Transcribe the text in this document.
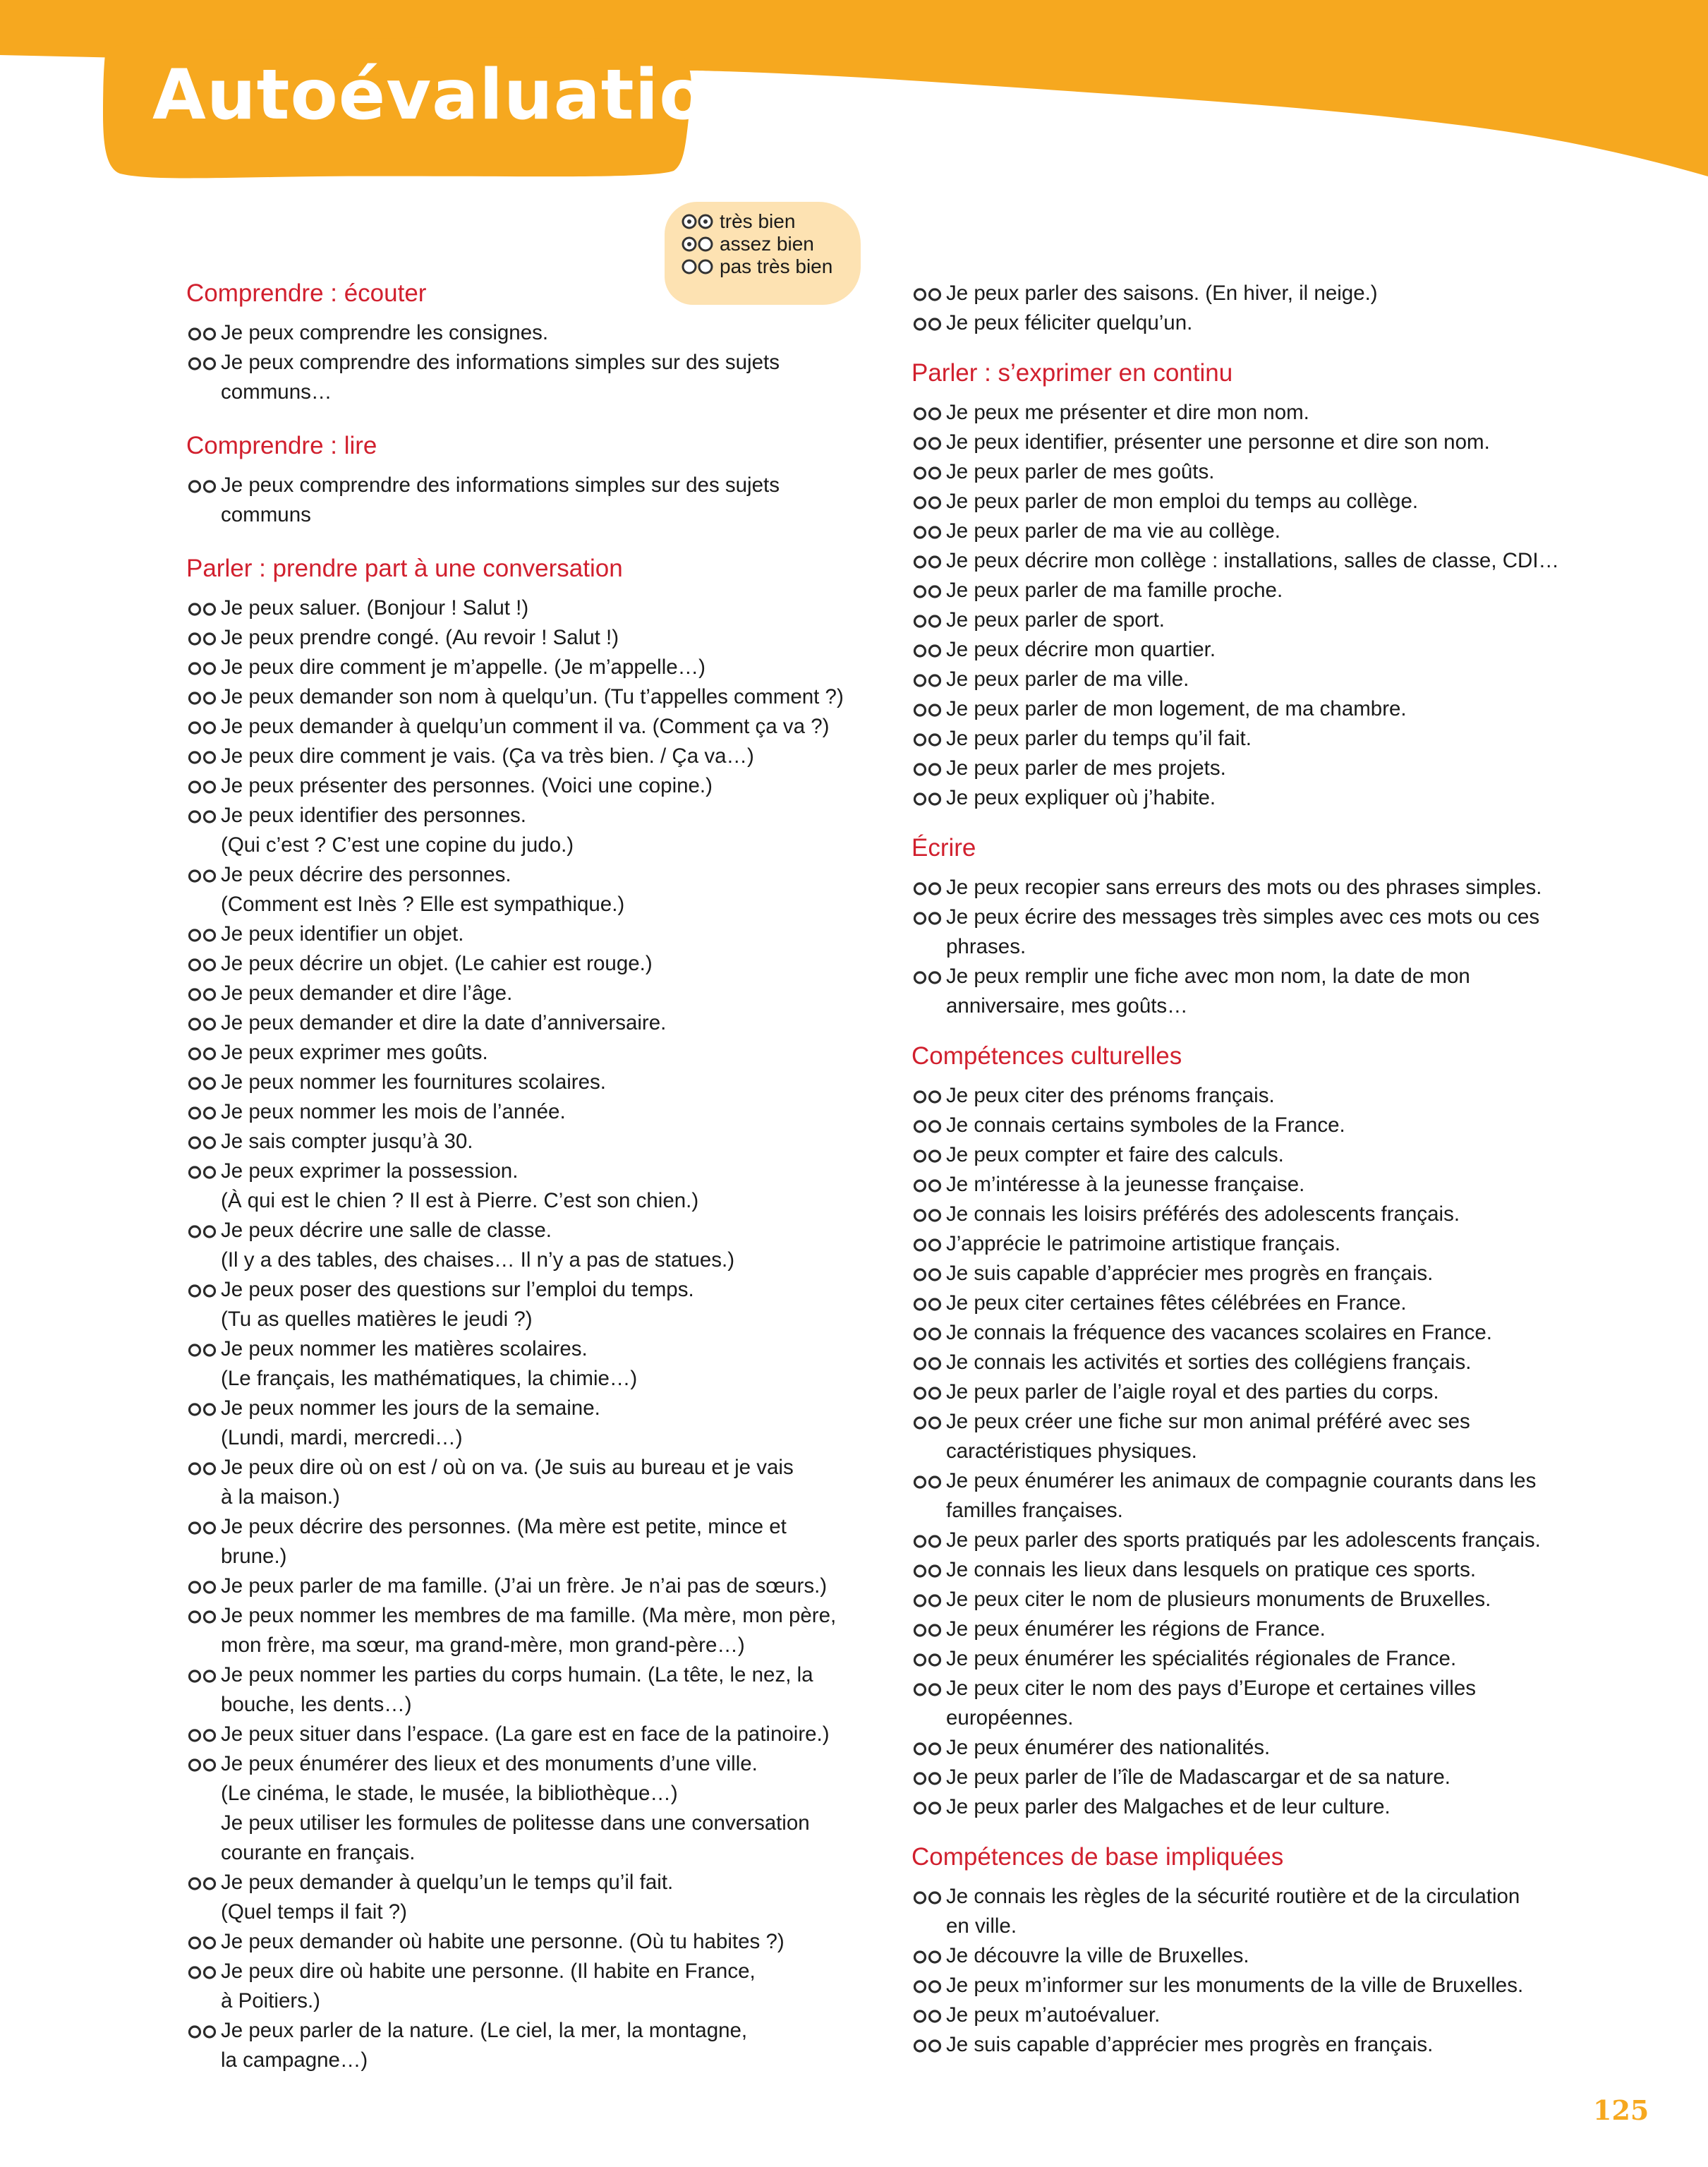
Autoévaluation
très bien
assez bien
pas très bien
Comprendre : écouter
Je peux comprendre les consignes.
Je peux comprendre des informations simples sur des sujets
communs…
Comprendre : lire
Je peux comprendre des informations simples sur des sujets
communs
Parler : prendre part à une conversation
Je peux saluer. (Bonjour ! Salut !)
Je peux prendre congé. (Au revoir ! Salut !)
Je peux dire comment je m’appelle. (Je m’appelle…)
Je peux demander son nom à quelqu’un. (Tu t’appelles comment ?)
Je peux demander à quelqu’un comment il va. (Comment ça va ?)
Je peux dire comment je vais. (Ça va très bien. / Ça va…)
Je peux présenter des personnes. (Voici une copine.)
Je peux identifier des personnes.
(Qui c’est ? C’est une copine du judo.)
Je peux décrire des personnes.
(Comment est Inès ? Elle est sympathique.)
Je peux identifier un objet.
Je peux décrire un objet. (Le cahier est rouge.)
Je peux demander et dire l’âge.
Je peux demander et dire la date d’anniversaire.
Je peux exprimer mes goûts.
Je peux nommer les fournitures scolaires.
Je peux nommer les mois de l’année.
Je sais compter jusqu’à 30.
Je peux exprimer la possession.
(À qui est le chien ? Il est à Pierre. C’est son chien.)
Je peux décrire une salle de classe.
(Il y a des tables, des chaises… Il n’y a pas de statues.)
Je peux poser des questions sur l’emploi du temps.
(Tu as quelles matières le jeudi ?)
Je peux nommer les matières scolaires.
(Le français, les mathématiques, la chimie…)
Je peux nommer les jours de la semaine.
(Lundi, mardi, mercredi…)
Je peux dire où on est / où on va. (Je suis au bureau et je vais
à la maison.)
Je peux décrire des personnes. (Ma mère est petite, mince et
brune.)
Je peux parler de ma famille. (J’ai un frère. Je n’ai pas de sœurs.)
Je peux nommer les membres de ma famille. (Ma mère, mon père,
mon frère, ma sœur, ma grand-mère, mon grand-père…)
Je peux nommer les parties du corps humain. (La tête, le nez, la
bouche, les dents…)
Je peux situer dans l’espace. (La gare est en face de la patinoire.)
Je peux énumérer des lieux et des monuments d’une ville.
(Le cinéma, le stade, le musée, la bibliothèque…)
Je peux utiliser les formules de politesse dans une conversation
courante en français.
Je peux demander à quelqu’un le temps qu’il fait.
(Quel temps il fait ?)
Je peux demander où habite une personne. (Où tu habites ?)
Je peux dire où habite une personne. (Il habite en France,
à Poitiers.)
Je peux parler de la nature. (Le ciel, la mer, la montagne,
la campagne…)
Je peux parler des saisons. (En hiver, il neige.)
Je peux féliciter quelqu’un.
Parler : s’exprimer en continu
Je peux me présenter et dire mon nom.
Je peux identifier, présenter une personne et dire son nom.
Je peux parler de mes goûts.
Je peux parler de mon emploi du temps au collège.
Je peux parler de ma vie au collège.
Je peux décrire mon collège : installations, salles de classe, CDI…
Je peux parler de ma famille proche.
Je peux parler de sport.
Je peux décrire mon quartier.
Je peux parler de ma ville.
Je peux parler de mon logement, de ma chambre.
Je peux parler du temps qu’il fait.
Je peux parler de mes projets.
Je peux expliquer où j’habite.
Écrire
Je peux recopier sans erreurs des mots ou des phrases simples.
Je peux écrire des messages très simples avec ces mots ou ces
phrases.
Je peux remplir une fiche avec mon nom, la date de mon
anniversaire, mes goûts…
Compétences culturelles
Je peux citer des prénoms français.
Je connais certains symboles de la France.
Je peux compter et faire des calculs.
Je m’intéresse à la jeunesse française.
Je connais les loisirs préférés des adolescents français.
J’apprécie le patrimoine artistique français.
Je suis capable d’apprécier mes progrès en français.
Je peux citer certaines fêtes célébrées en France.
Je connais la fréquence des vacances scolaires en France.
Je connais les activités et sorties des collégiens français.
Je peux parler de l’aigle royal et des parties du corps.
Je peux créer une fiche sur mon animal préféré avec ses
caractéristiques physiques.
Je peux énumérer les animaux de compagnie courants dans les
familles françaises.
Je peux parler des sports pratiqués par les adolescents français.
Je connais les lieux dans lesquels on pratique ces sports.
Je peux citer le nom de plusieurs monuments de Bruxelles.
Je peux énumérer les régions de France.
Je peux énumérer les spécialités régionales de France.
Je peux citer le nom des pays d’Europe et certaines villes
européennes.
Je peux énumérer des nationalités.
Je peux parler de l’île de Madascargar et de sa nature.
Je peux parler des Malgaches et de leur culture.
Compétences de base impliquées
Je connais les règles de la sécurité routière et de la circulation
en ville.
Je découvre la ville de Bruxelles.
Je peux m’informer sur les monuments de la ville de Bruxelles.
Je peux m’autoévaluer.
Je suis capable d’apprécier mes progrès en français.
125
